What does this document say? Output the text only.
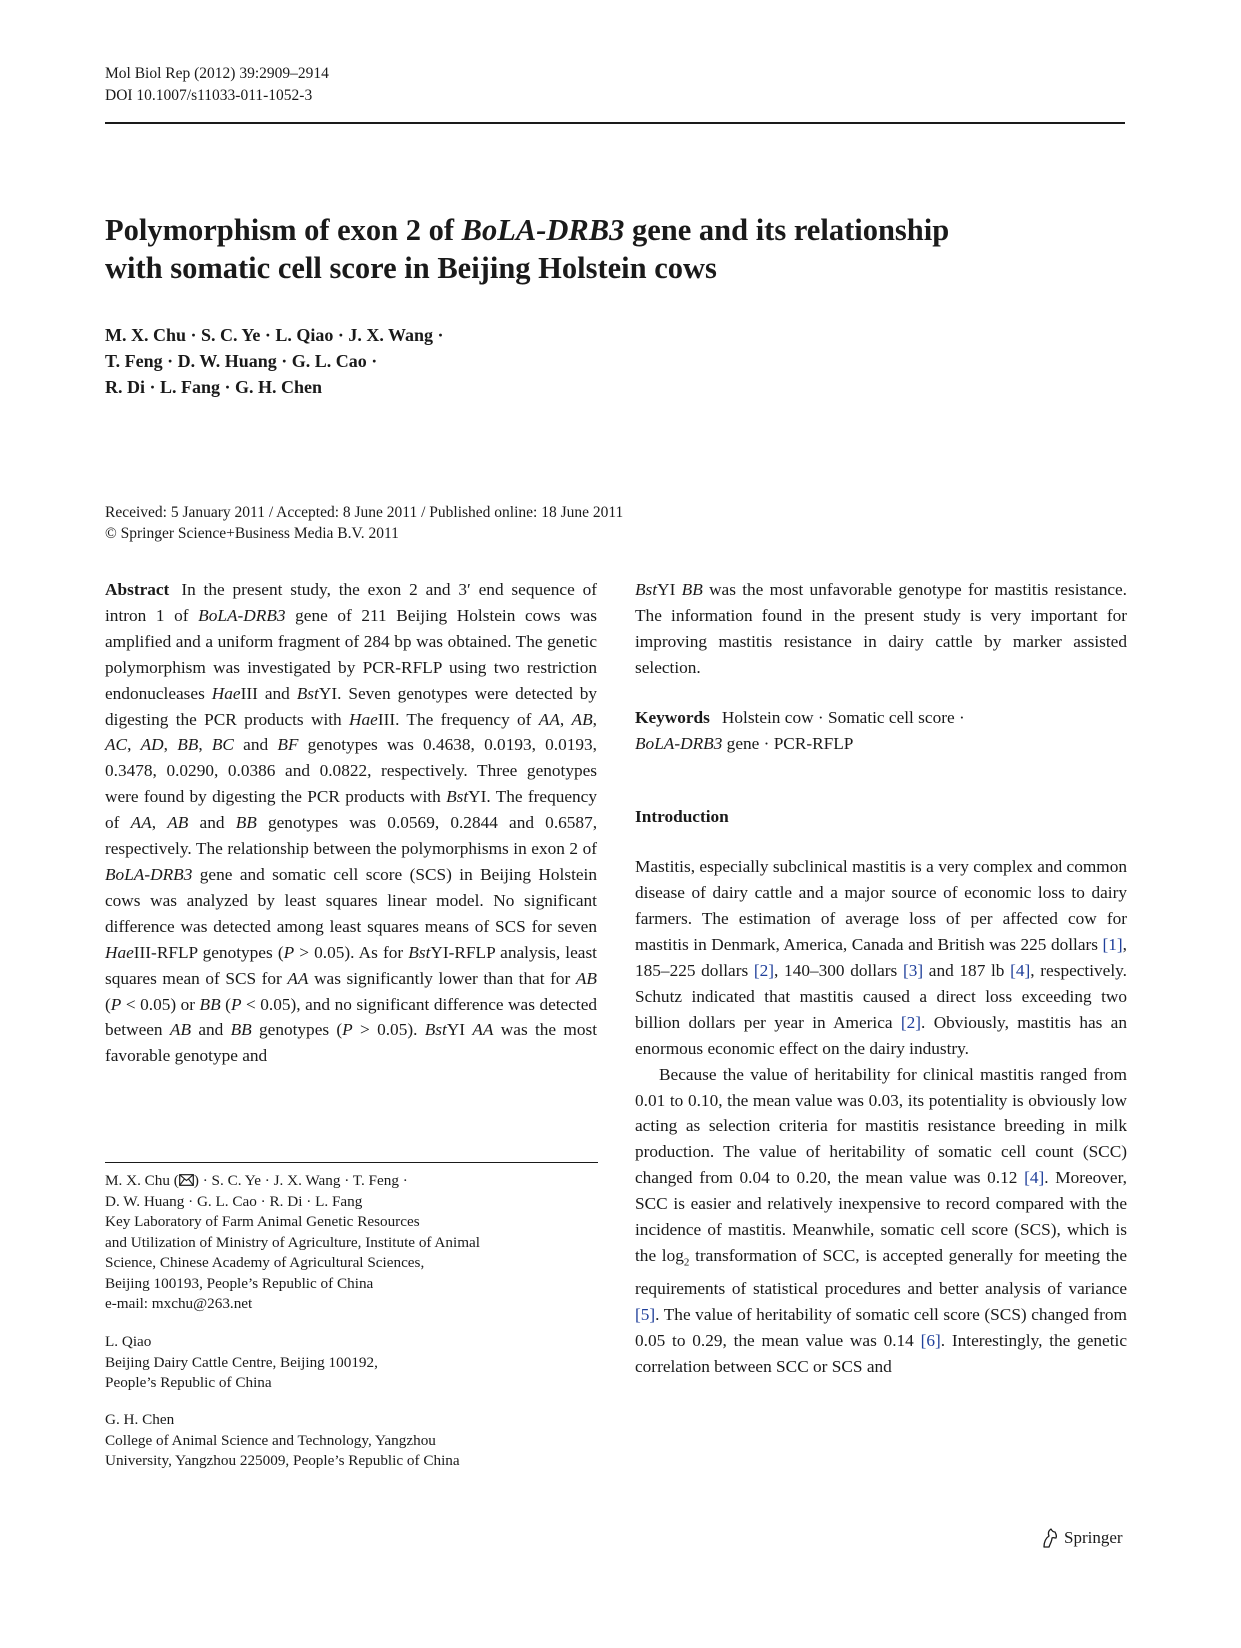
Mol Biol Rep (2012) 39:2909–2914
DOI 10.1007/s11033-011-1052-3
Polymorphism of exon 2 of BoLA-DRB3 gene and its relationship
with somatic cell score in Beijing Holstein cows
M. X. Chu · S. C. Ye · L. Qiao · J. X. Wang ·
T. Feng · D. W. Huang · G. L. Cao ·
R. Di · L. Fang · G. H. Chen
Received: 5 January 2011 / Accepted: 8 June 2011 / Published online: 18 June 2011
© Springer Science+Business Media B.V. 2011

Abstract In the present study, the exon 2 and 3′ end sequence of intron 1 of BoLA-DRB3 gene of 211 Beijing Holstein cows was amplified and a uniform fragment of 284 bp was obtained. The genetic polymorphism was investigated by PCR-RFLP using two restriction endonucleases HaeIII and BstYI. Seven genotypes were detected by digesting the PCR products with HaeIII. The frequency of AA, AB, AC, AD, BB, BC and BF genotypes was 0.4638, 0.0193, 0.0193, 0.3478, 0.0290, 0.0386 and 0.0822, respectively. Three genotypes were found by digesting the PCR products with BstYI. The frequency of AA, AB and BB genotypes was 0.0569, 0.2844 and 0.6587, respectively. The relationship between the polymorphisms in exon 2 of BoLA-DRB3 gene and somatic cell score (SCS) in Beijing Holstein cows was analyzed by least squares linear model. No significant difference was detected among least squares means of SCS for seven HaeIII-RFLP genotypes (P > 0.05). As for BstYI-RFLP analysis, least squares mean of SCS for AA was significantly lower than that for AB (P < 0.05) or BB (P < 0.05), and no significant difference was detected between AB and BB genotypes (P > 0.05). BstYI AA was the most favorable genotype and

BstYI BB was the most unfavorable genotype for mastitis resistance. The information found in the present study is very important for improving mastitis resistance in dairy cattle by marker assisted selection.

Keywords Holstein cow · Somatic cell score ·
BoLA-DRB3 gene · PCR-RFLP

Introduction

Mastitis, especially subclinical mastitis is a very complex and common disease of dairy cattle and a major source of economic loss to dairy farmers. The estimation of average loss of per affected cow for mastitis in Denmark, America, Canada and British was 225 dollars [1], 185–225 dollars [2], 140–300 dollars [3] and 187 lb [4], respectively. Schutz indicated that mastitis caused a direct loss exceeding two billion dollars per year in America [2]. Obviously, mastitis has an enormous economic effect on the dairy industry.

Because the value of heritability for clinical mastitis ranged from 0.01 to 0.10, the mean value was 0.03, its potentiality is obviously low acting as selection criteria for mastitis resistance breeding in milk production. The value of heritability of somatic cell count (SCC) changed from 0.04 to 0.20, the mean value was 0.12 [4]. Moreover, SCC is easier and relatively inexpensive to record compared with the incidence of mastitis. Meanwhile, somatic cell score (SCS), which is the $\log_2$ transformation of SCC, is accepted generally for meeting the requirements of statistical procedures and better analysis of variance [5]. The value of heritability of somatic cell score (SCS) changed from 0.05 to 0.29, the mean value was 0.14 [6]. Interestingly, the genetic correlation between SCC or SCS and

M. X. Chu ( ) · S. C. Ye · J. X. Wang · T. Feng ·

D. W. Huang · G. L. Cao · R. Di · L. Fang

Key Laboratory of Farm Animal Genetic Resources

and Utilization of Ministry of Agriculture, Institute of Animal

Science, Chinese Academy of Agricultural Sciences,

Beijing 100193, People’s Republic of China

e-mail: mxchu@263.net

L. Qiao

Beijing Dairy Cattle Centre, Beijing 100192,

People’s Republic of China

G. H. Chen

College of Animal Science and Technology, Yangzhou

University, Yangzhou 225009, People’s Republic of China

Springer
